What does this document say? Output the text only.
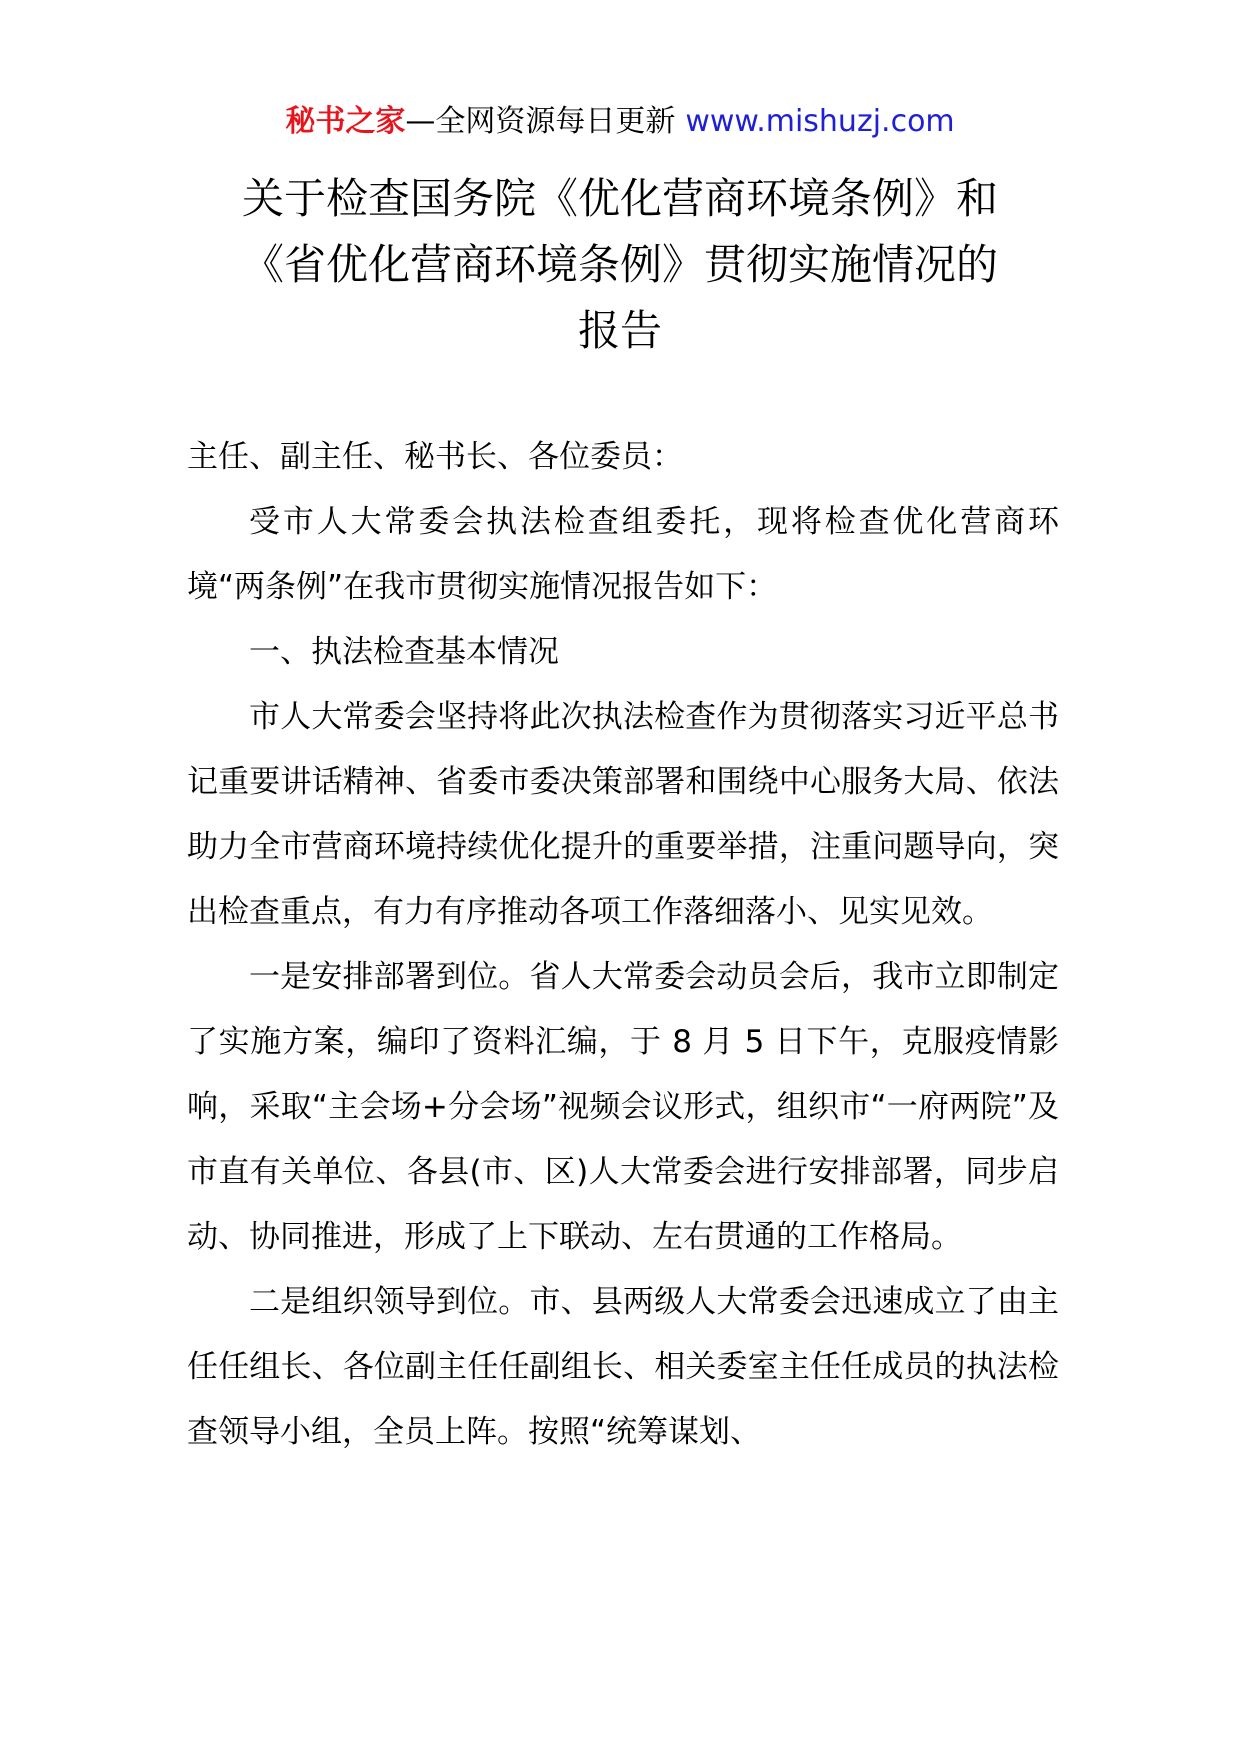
秘书之家—全网资源每日更新 www.mishuzj.com
关于检查国务院《优化营商环境条例》和
《省优化营商环境条例》贯彻实施情况的
报告

主任、副主任、秘书长、各位委员：

受市人大常委会执法检查组委托，现将检查优化营商环境“两条例”在我市贯彻实施情况报告如下：

一、执法检查基本情况

市人大常委会坚持将此次执法检查作为贯彻落实习近平总书记重要讲话精神、省委市委决策部署和围绕中心服务大局、依法助力全市营商环境持续优化提升的重要举措，注重问题导向，突出检查重点，有力有序推动各项工作落细落小、见实见效。

一是安排部署到位。省人大常委会动员会后，我市立即制定了实施方案，编印了资料汇编，于 8 月 5 日下午，克服疫情影响，采取“主会场+分会场”视频会议形式，组织市“一府两院”及市直有关单位、各县(市、区)人大常委会进行安排部署，同步启动、协同推进，形成了上下联动、左右贯通的工作格局。

二是组织领导到位。市、县两级人大常委会迅速成立了由主任任组长、各位副主任任副组长、相关委室主任任成员的执法检查领导小组，全员上阵。按照“统筹谋划、
